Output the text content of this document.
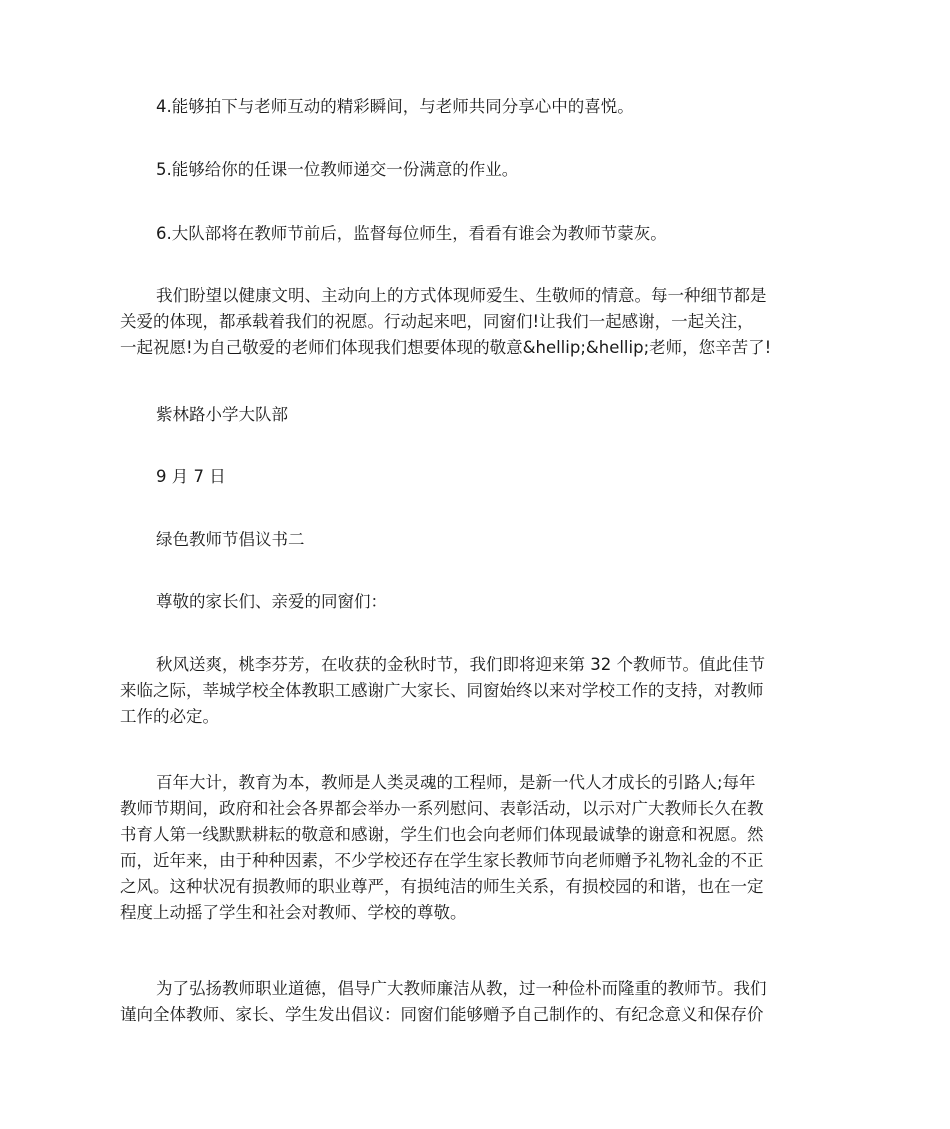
4.能够拍下与老师互动的精彩瞬间，与老师共同分享心中的喜悦。

5.能够给你的任课一位教师递交一份满意的作业。

6.大队部将在教师节前后，监督每位师生，看看有谁会为教师节蒙灰。

我们盼望以健康文明、主动向上的方式体现师爱生、生敬师的情意。每一种细节都是
关爱的体现，都承载着我们的祝愿。行动起来吧，同窗们!让我们一起感谢，一起关注，
一起祝愿!为自己敬爱的老师们体现我们想要体现的敬意&hellip;&hellip;老师，您辛苦了!

紫林路小学大队部

9 月 7 日

绿色教师节倡议书二

尊敬的家长们、亲爱的同窗们：

秋风送爽，桃李芬芳，在收获的金秋时节，我们即将迎来第 32 个教师节。值此佳节
来临之际，莘城学校全体教职工感谢广大家长、同窗始终以来对学校工作的支持，对教师
工作的必定。

百年大计，教育为本，教师是人类灵魂的工程师，是新一代人才成长的引路人;每年
教师节期间，政府和社会各界都会举办一系列慰问、表彰活动，以示对广大教师长久在教
书育人第一线默默耕耘的敬意和感谢，学生们也会向老师们体现最诚挚的谢意和祝愿。然
而，近年来，由于种种因素，不少学校还存在学生家长教师节向老师赠予礼物礼金的不正
之风。这种状况有损教师的职业尊严，有损纯洁的师生关系，有损校园的和谐，也在一定
程度上动摇了学生和社会对教师、学校的尊敬。

为了弘扬教师职业道德，倡导广大教师廉洁从教，过一种俭朴而隆重的教师节。我们
谨向全体教师、家长、学生发出倡议：同窗们能够赠予自己制作的、有纪念意义和保存价
